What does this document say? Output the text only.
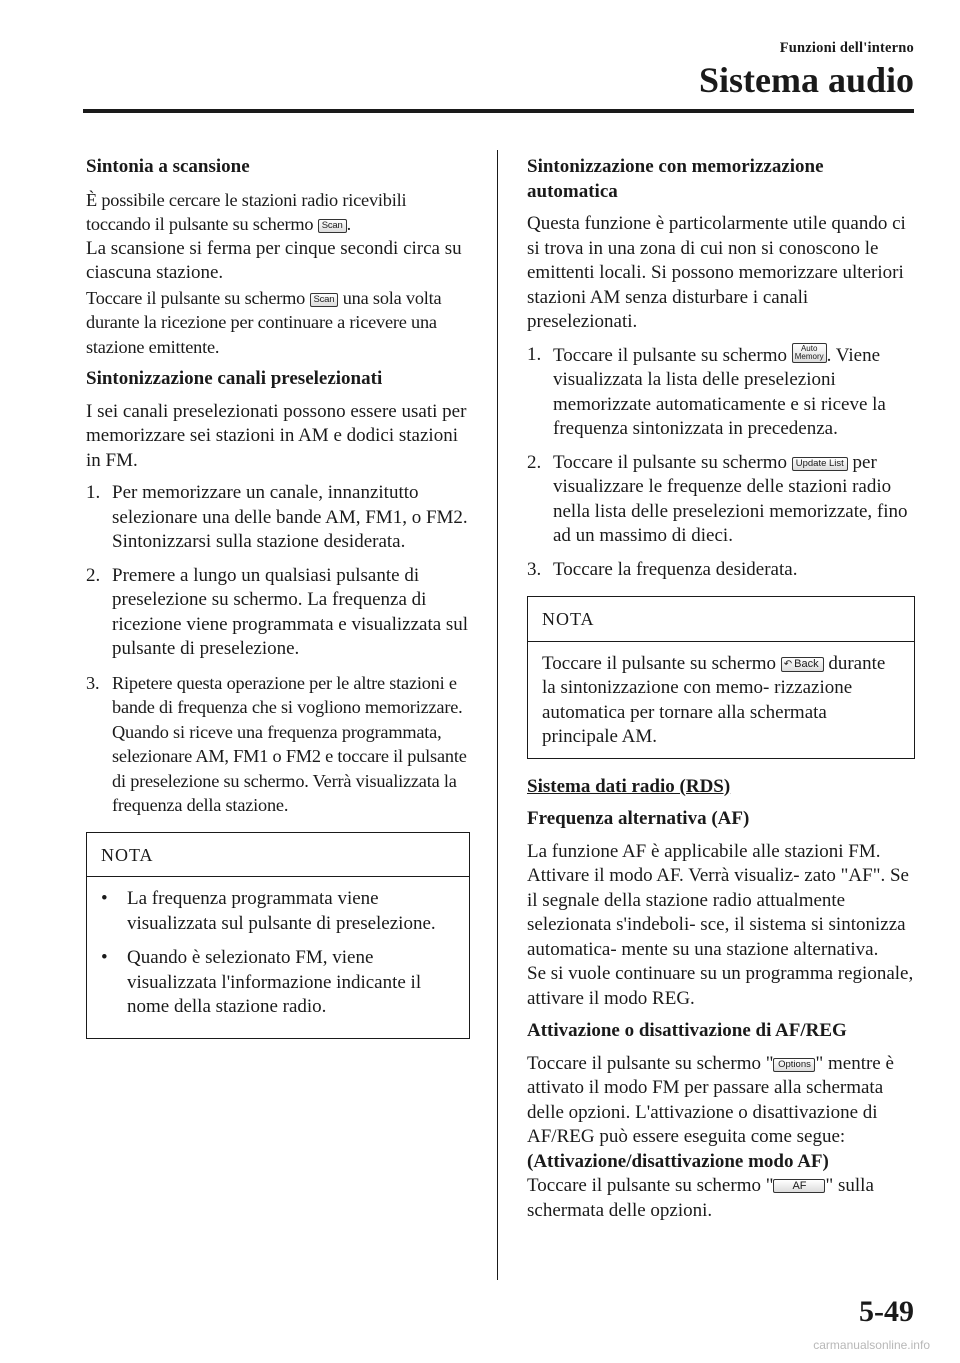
Funzioni dell'interno
Sistema audio
Sintonia a scansione

È possibile cercare le stazioni radio ricevibili toccando il pulsante su schermo Scan .

La scansione si ferma per cinque secondi circa su ciascuna stazione.

Toccare il pulsante su schermo Scan una sola volta durante la ricezione per continuare a ricevere una stazione emittente.

Sintonizzazione canali preselezionati

I sei canali preselezionati possono essere usati per memorizzare sei stazioni in AM e dodici stazioni in FM.

1. Per memorizzare un canale, innanzitutto selezionare una delle bande AM, FM1, o FM2. Sintonizzarsi sulla stazione desiderata.
2. Premere a lungo un qualsiasi pulsante di preselezione su schermo. La frequenza di ricezione viene programmata e visualizzata sul pulsante di preselezione.
3. Ripetere questa operazione per le altre stazioni e bande di frequenza che si vogliono memorizzare. Quando si riceve una frequenza programmata, selezionare AM, FM1 o FM2 e toccare il pulsante di preselezione su schermo. Verrà visualizzata la frequenza della stazione.
NOTA
• La frequenza programmata viene visualizzata sul pulsante di preselezione.
• Quando è selezionato FM, viene visualizzata l'informazione indicante il nome della stazione radio.
Sintonizzazione con memorizzazione automatica

Questa funzione è particolarmente utile quando ci si trova in una zona di cui non si conoscono le emittenti locali. Si possono memorizzare ulteriori stazioni AM senza disturbare i canali preselezionati.

1. Toccare il pulsante su schermo Auto
Memory . Viene visualizzata la lista delle preselezioni memorizzate automaticamente e si riceve la frequenza sintonizzata in precedenza.
2. Toccare il pulsante su schermo Update List per visualizzare le frequenze delle stazioni radio nella lista delle preselezioni memorizzate, fino ad un massimo di dieci.
3. Toccare la frequenza desiderata.
NOTA

Toccare il pulsante su schermo ↶ Back durante la sintonizzazione con memo- rizzazione automatica per tornare alla schermata principale AM.

Sistema dati radio (RDS)
Frequenza alternativa (AF)

La funzione AF è applicabile alle stazioni FM. Attivare il modo AF. Verrà visualiz- zato "AF". Se il segnale della stazione radio attualmente selezionata s'indeboli- sce, il sistema si sintonizza automatica- mente su una stazione alternativa.

Se si vuole continuare su un programma regionale, attivare il modo REG.

Attivazione o disattivazione di AF/REG

Toccare il pulsante su schermo " Options " mentre è attivato il modo FM per passare alla schermata delle opzioni. L'attivazione o disattivazione di AF/REG può essere eseguita come segue:

(Attivazione/disattivazione modo AF)

Toccare il pulsante su schermo " AF " sulla schermata delle opzioni.

5-49
carmanualsonline.info
